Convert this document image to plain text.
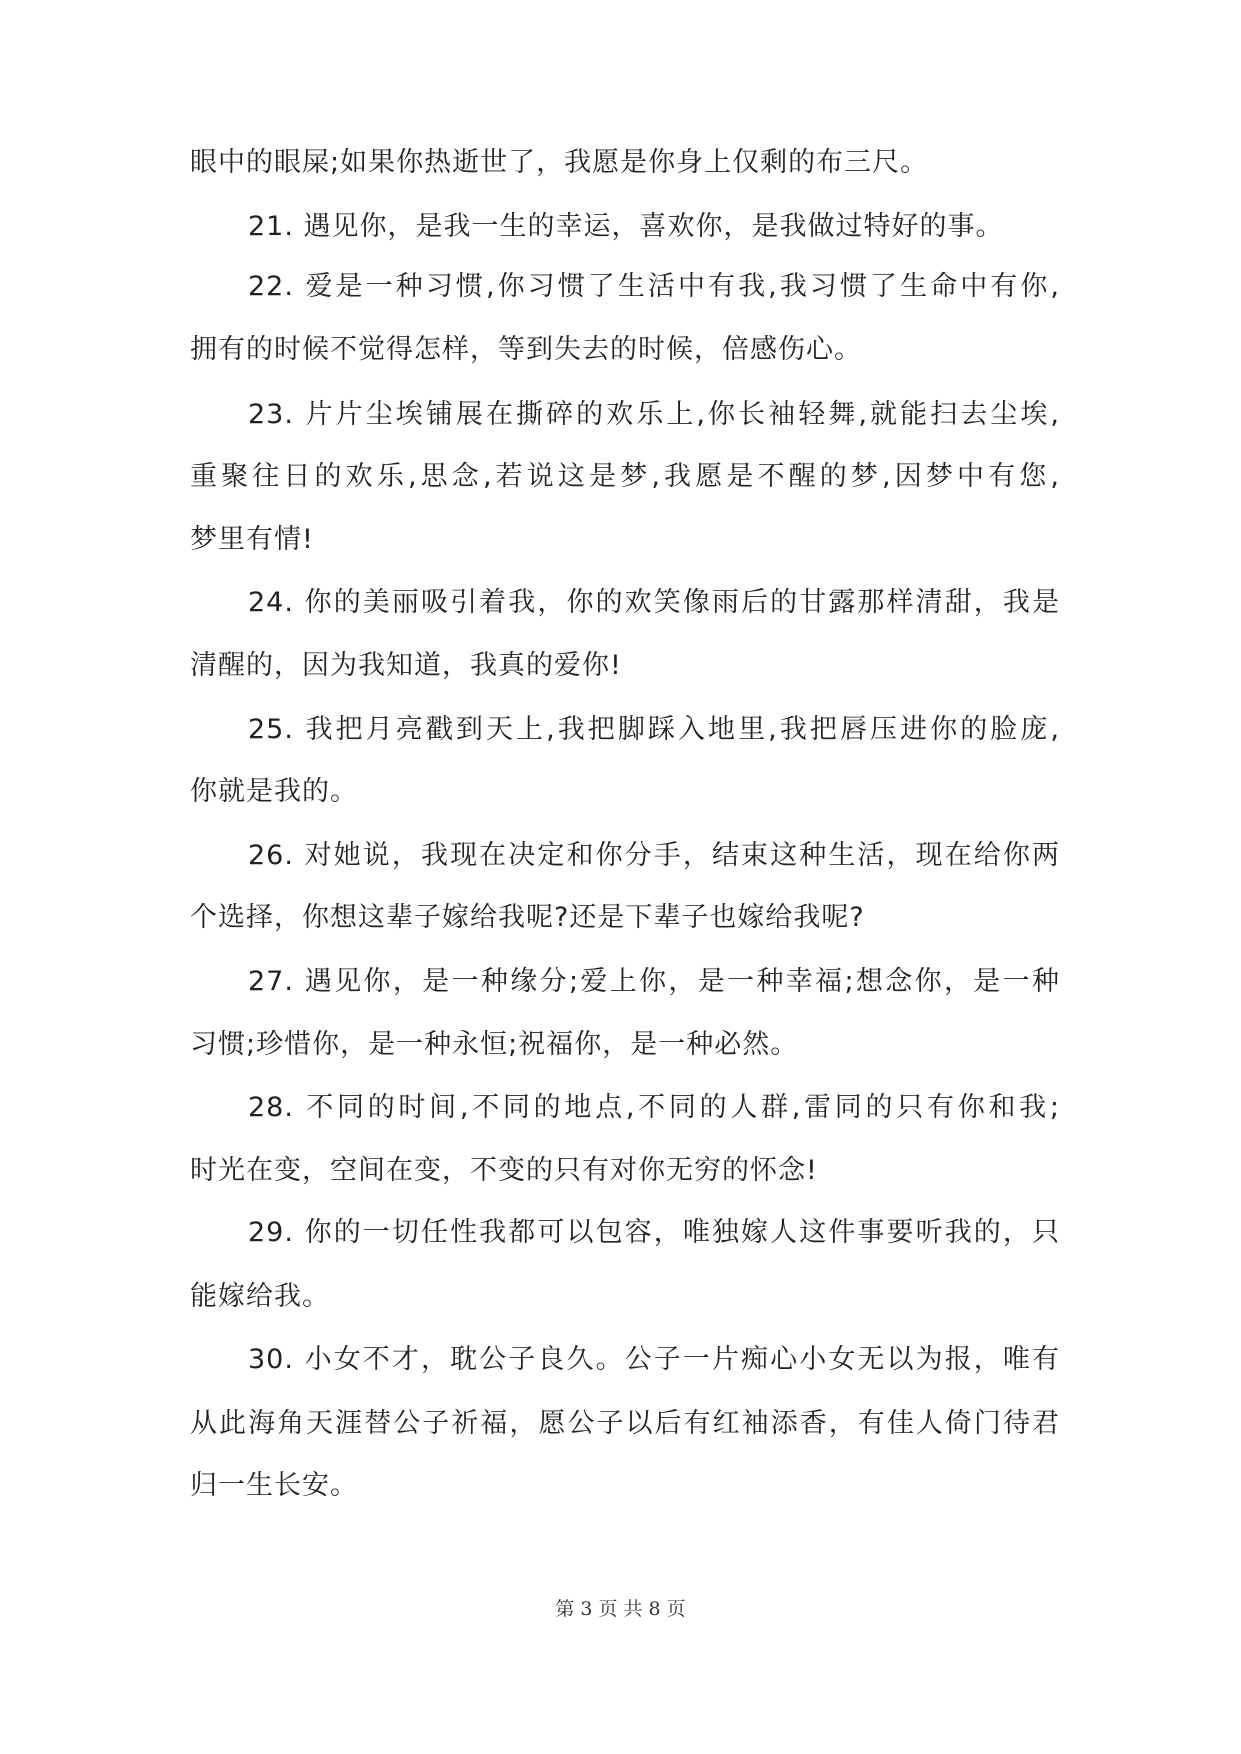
眼中的眼屎;如果你热逝世了，我愿是你身上仅剩的布三尺。
21. 遇见你，是我一生的幸运，喜欢你，是我做过特好的事。
22. 爱是一种习惯,你习惯了生活中有我,我习惯了生命中有你,
拥有的时候不觉得怎样，等到失去的时候，倍感伤心。
23. 片片尘埃铺展在撕碎的欢乐上,你长袖轻舞,就能扫去尘埃,
重聚往日的欢乐,思念,若说这是梦,我愿是不醒的梦,因梦中有您,
梦里有情!
24. 你的美丽吸引着我，你的欢笑像雨后的甘露那样清甜，我是
清醒的，因为我知道，我真的爱你!
25. 我把月亮戳到天上,我把脚踩入地里,我把唇压进你的脸庞,
你就是我的。
26. 对她说，我现在决定和你分手，结束这种生活，现在给你两
个选择，你想这辈子嫁给我呢?还是下辈子也嫁给我呢?
27. 遇见你，是一种缘分;爱上你，是一种幸福;想念你，是一种
习惯;珍惜你，是一种永恒;祝福你，是一种必然。
28. 不同的时间,不同的地点,不同的人群,雷同的只有你和我;
时光在变，空间在变，不变的只有对你无穷的怀念!
29. 你的一切任性我都可以包容，唯独嫁人这件事要听我的，只
能嫁给我。
30. 小女不才，耽公子良久。公子一片痴心小女无以为报，唯有
从此海角天涯替公子祈福，愿公子以后有红袖添香，有佳人倚门待君
归一生长安。
第 3 页 共 8 页
